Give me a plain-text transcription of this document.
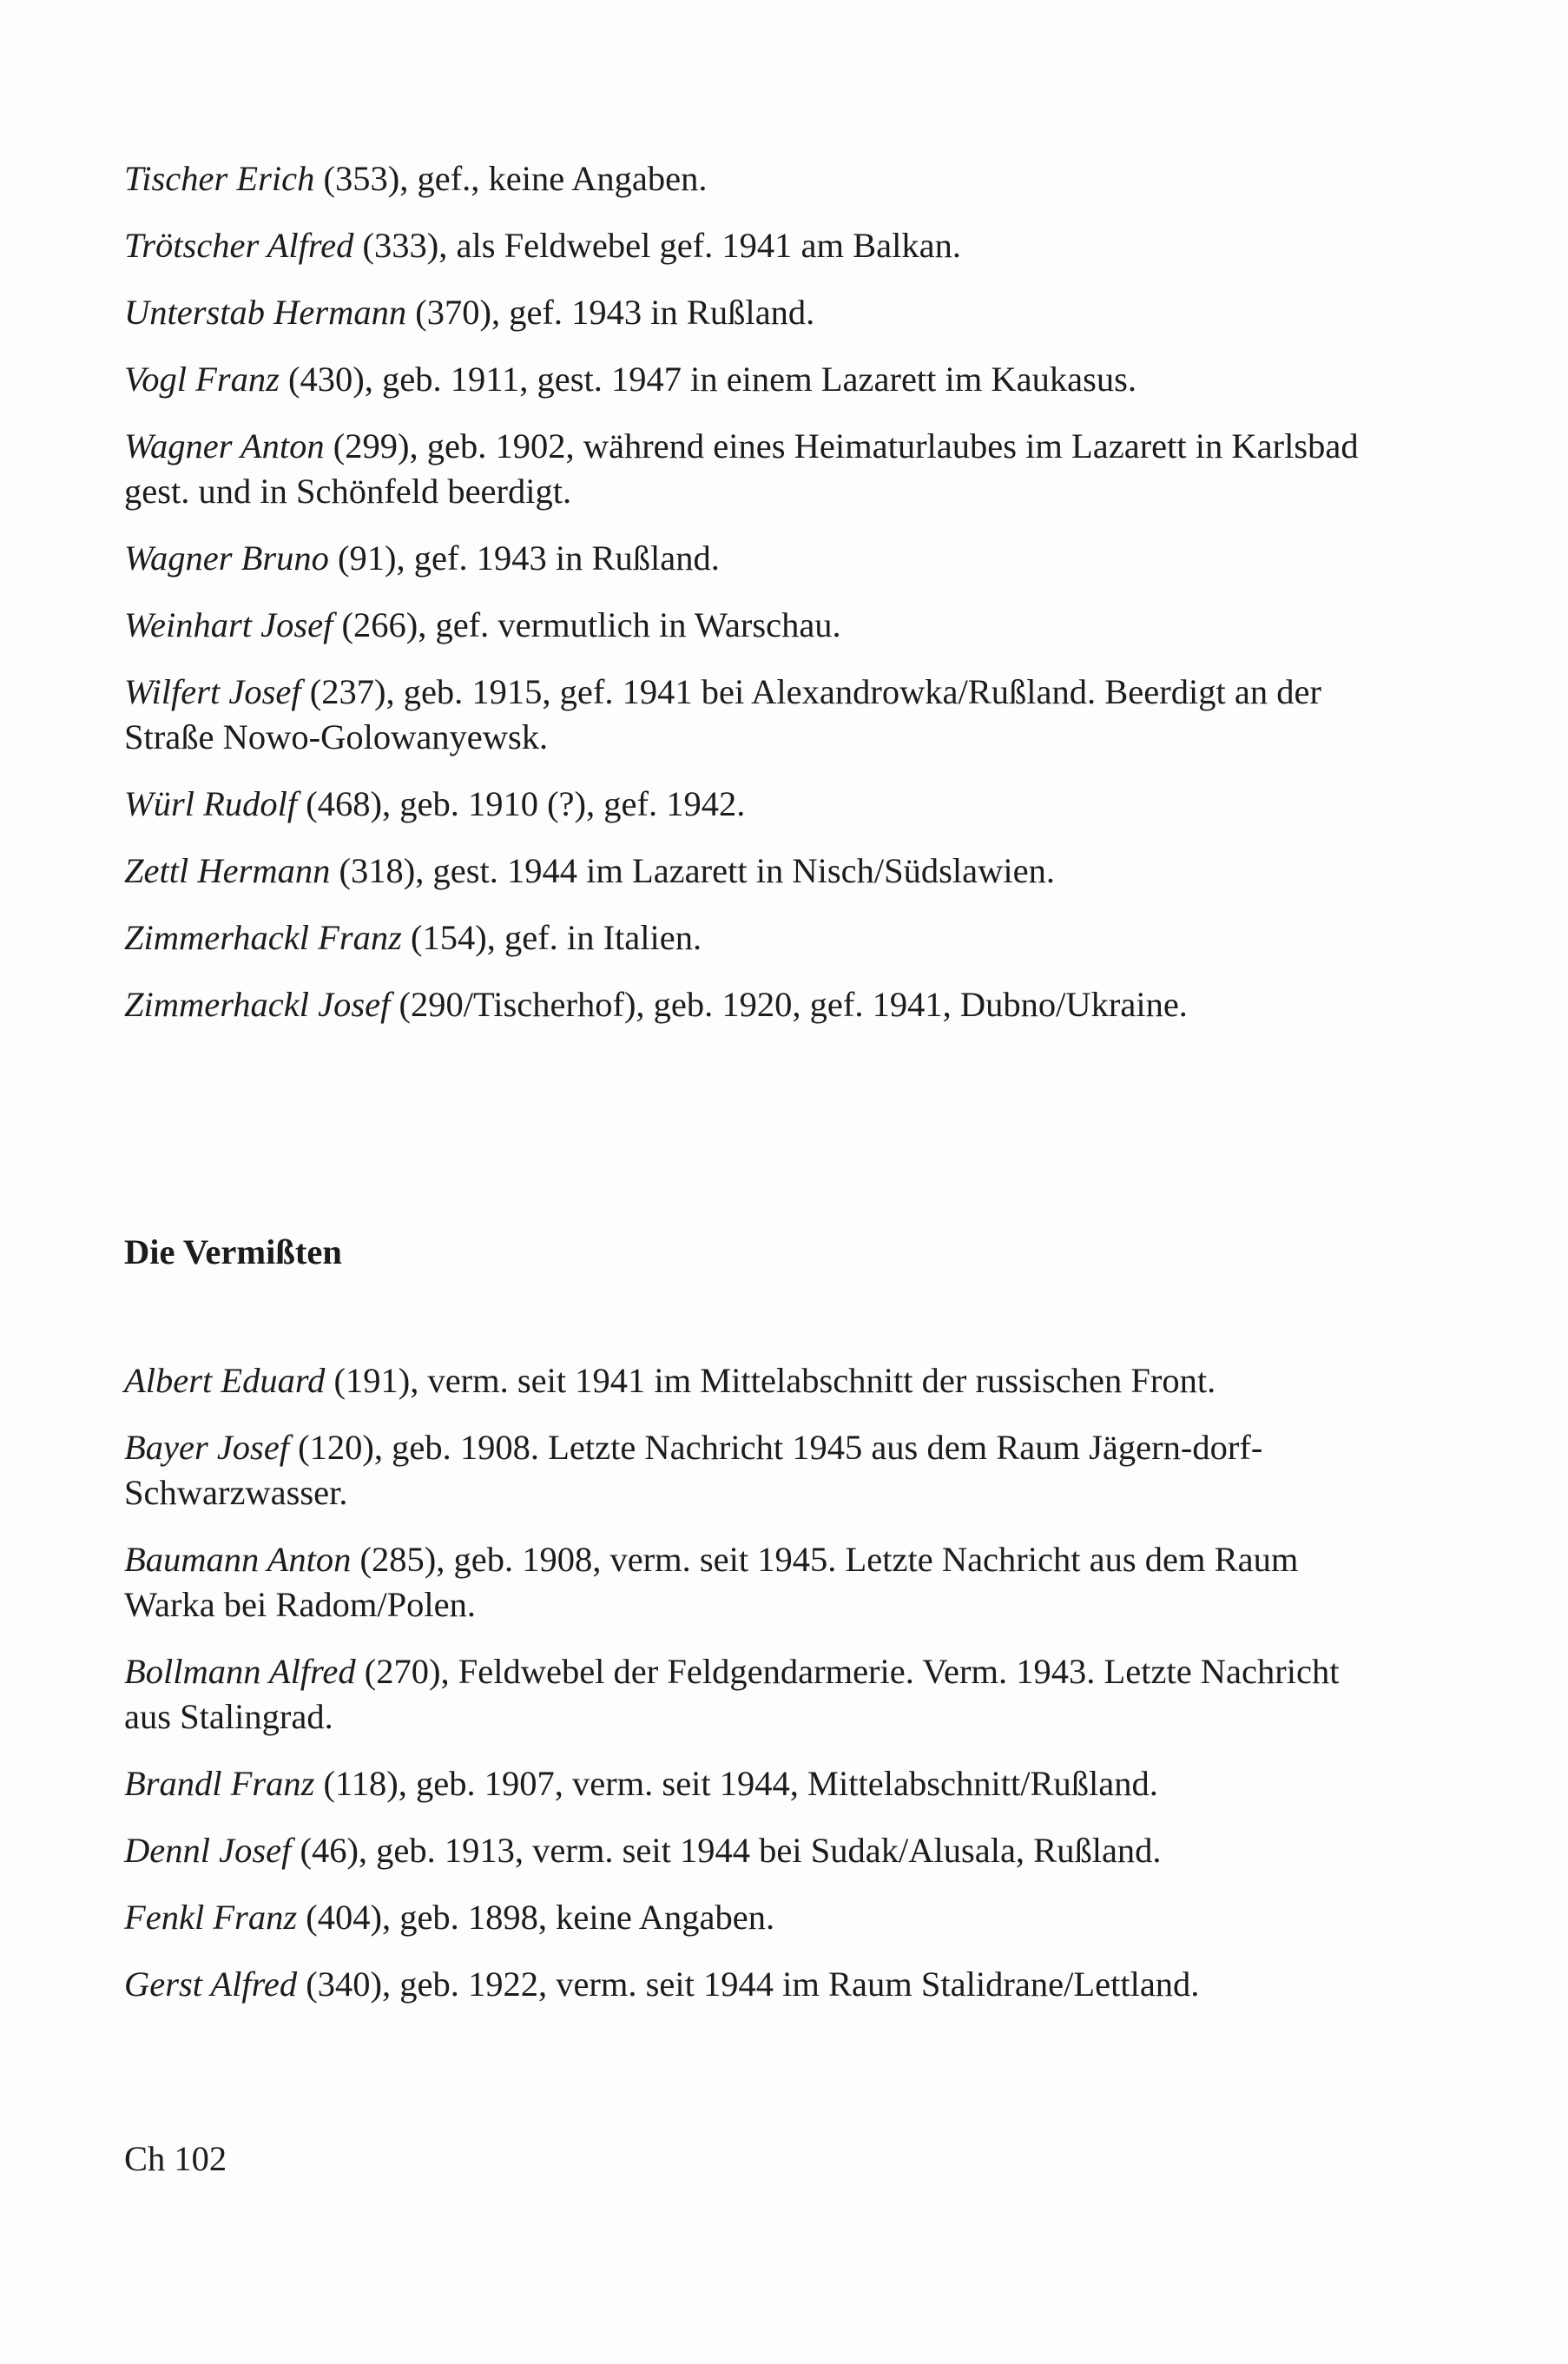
Tischer Erich (353), gef., keine Angaben.

Trötscher Alfred (333), als Feldwebel gef. 1941 am Balkan.

Unterstab Hermann (370), gef. 1943 in Rußland.

Vogl Franz (430), geb. 1911, gest. 1947 in einem Lazarett im Kaukasus.

Wagner Anton (299), geb. 1902, während eines Heimaturlaubes im Lazarett in Karlsbad gest. und in Schönfeld beerdigt.

Wagner Bruno (91), gef. 1943 in Rußland.

Weinhart Josef (266), gef. vermutlich in Warschau.

Wilfert Josef (237), geb. 1915, gef. 1941 bei Alexandrowka/Rußland. Beerdigt an der Straße Nowo-Golowanyewsk.

Würl Rudolf (468), geb. 1910 (?), gef. 1942.

Zettl Hermann (318), gest. 1944 im Lazarett in Nisch/Südslawien.

Zimmerhackl Franz (154), gef. in Italien.

Zimmerhackl Josef (290/Tischerhof), geb. 1920, gef. 1941, Dubno/Ukraine.

Die Vermißten

Albert Eduard (191), verm. seit 1941 im Mittelabschnitt der russischen Front.

Bayer Josef (120), geb. 1908. Letzte Nachricht 1945 aus dem Raum Jägern-dorf-Schwarzwasser.

Baumann Anton (285), geb. 1908, verm. seit 1945. Letzte Nachricht aus dem Raum Warka bei Radom/Polen.

Bollmann Alfred (270), Feldwebel der Feldgendarmerie. Verm. 1943. Letzte Nachricht aus Stalingrad.

Brandl Franz (118), geb. 1907, verm. seit 1944, Mittelabschnitt/Rußland.

Dennl Josef (46), geb. 1913, verm. seit 1944 bei Sudak/Alusala, Rußland.

Fenkl Franz (404), geb. 1898, keine Angaben.

Gerst Alfred (340), geb. 1922, verm. seit 1944 im Raum Stalidrane/Lettland.

Ch 102
